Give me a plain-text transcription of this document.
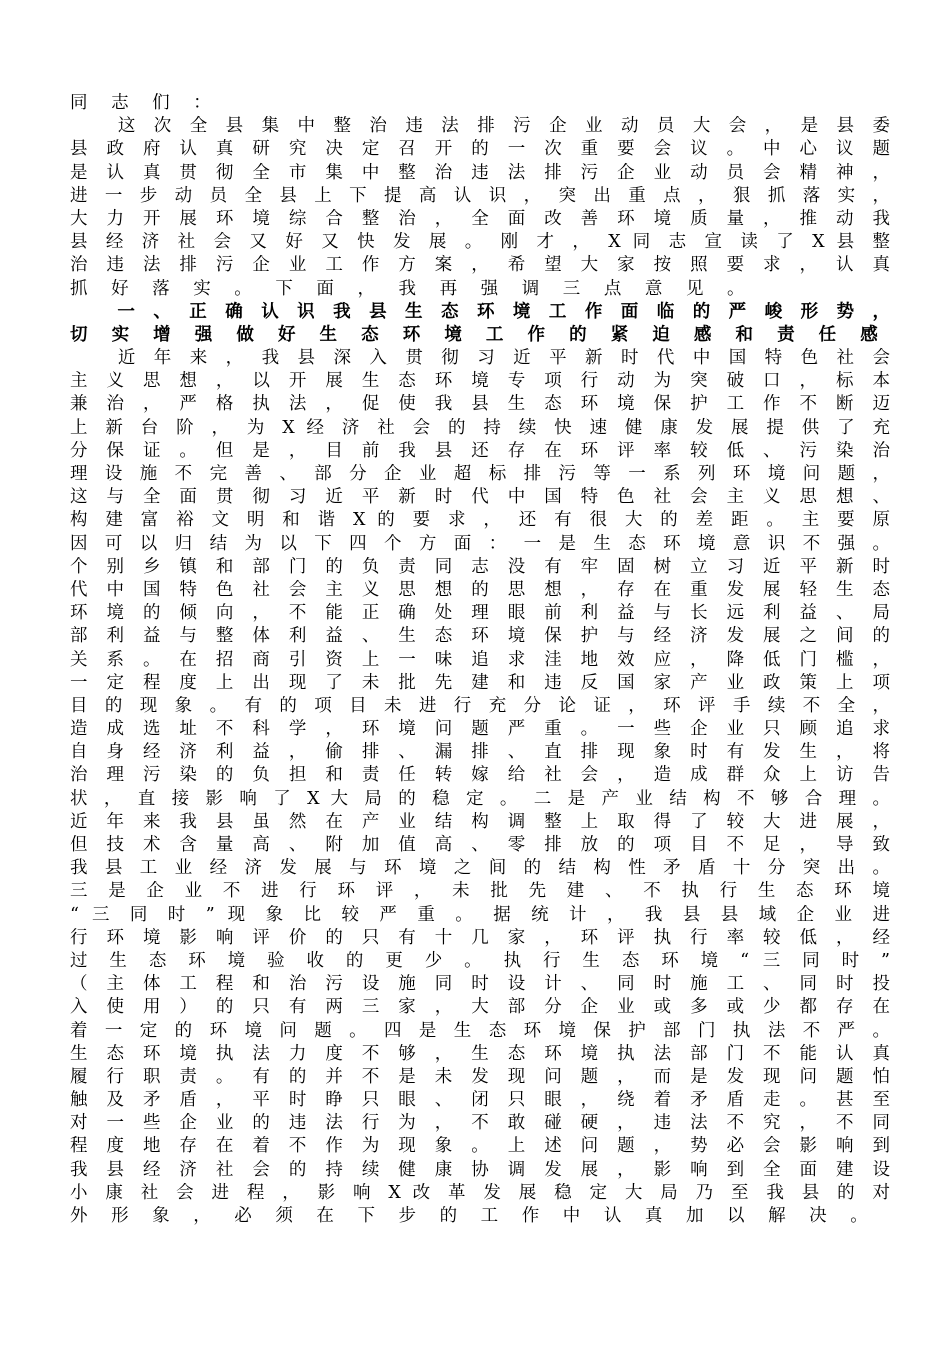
同 志 们 ：
　　这 次 全 县 集 中 整 治 违 法 排 污 企 业 动 员 大 会 ， 是 县 委
县 政 府 认 真 研 究 决 定 召 开 的 一 次 重 要 会 议 。 中 心 议 题
是 认 真 贯 彻 全 市 集 中 整 治 违 法 排 污 企 业 动 员 会 精 神 ，
进 一 步 动 员 全 县 上 下 提 高 认 识 ， 突 出 重 点 ， 狠 抓 落 实 ，
大 力 开 展 环 境 综 合 整 治 ， 全 面 改 善 环 境 质 量 ， 推 动 我
县 经 济 社 会 又 好 又 快 发 展 。 刚 才 ， X 同 志 宣 读 了 X 县 整
治 违 法 排 污 企 业 工 作 方 案 ， 希 望 大 家 按 照 要 求 ， 认 真
抓 好 落 实 。 下 面 ， 我 再 强 调 三 点 意 见 。
　　一 、 正 确 认 识 我 县 生 态 环 境 工 作 面 临 的 严 峻 形 势 ，
切 实 增 强 做 好 生 态 环 境 工 作 的 紧 迫 感 和 责 任 感
　　近 年 来 ， 我 县 深 入 贯 彻 习 近 平 新 时 代 中 国 特 色 社 会
主 义 思 想 ， 以 开 展 生 态 环 境 专 项 行 动 为 突 破 口 ， 标 本
兼 治 ， 严 格 执 法 ， 促 使 我 县 生 态 环 境 保 护 工 作 不 断 迈
上 新 台 阶 ， 为 X 经 济 社 会 的 持 续 快 速 健 康 发 展 提 供 了 充
分 保 证 。 但 是 ， 目 前 我 县 还 存 在 环 评 率 较 低 、 污 染 治
理 设 施 不 完 善 、 部 分 企 业 超 标 排 污 等 一 系 列 环 境 问 题 ，
这 与 全 面 贯 彻 习 近 平 新 时 代 中 国 特 色 社 会 主 义 思 想 、
构 建 富 裕 文 明 和 谐 X 的 要 求 ， 还 有 很 大 的 差 距 。 主 要 原
因 可 以 归 结 为 以 下 四 个 方 面 ： 一 是 生 态 环 境 意 识 不 强 。
个 别 乡 镇 和 部 门 的 负 责 同 志 没 有 牢 固 树 立 习 近 平 新 时
代 中 国 特 色 社 会 主 义 思 想 的 思 想 ， 存 在 重 发 展 轻 生 态
环 境 的 倾 向 ， 不 能 正 确 处 理 眼 前 利 益 与 长 远 利 益 、 局
部 利 益 与 整 体 利 益 、 生 态 环 境 保 护 与 经 济 发 展 之 间 的
关 系 。 在 招 商 引 资 上 一 味 追 求 洼 地 效 应 ， 降 低 门 槛 ，
一 定 程 度 上 出 现 了 未 批 先 建 和 违 反 国 家 产 业 政 策 上 项
目 的 现 象 。 有 的 项 目 未 进 行 充 分 论 证 ， 环 评 手 续 不 全 ，
造 成 选 址 不 科 学 ， 环 境 问 题 严 重 。 一 些 企 业 只 顾 追 求
自 身 经 济 利 益 ， 偷 排 、 漏 排 、 直 排 现 象 时 有 发 生 ， 将
治 理 污 染 的 负 担 和 责 任 转 嫁 给 社 会 ， 造 成 群 众 上 访 告
状 ， 直 接 影 响 了 X 大 局 的 稳 定 。 二 是 产 业 结 构 不 够 合 理 。
近 年 来 我 县 虽 然 在 产 业 结 构 调 整 上 取 得 了 较 大 进 展 ，
但 技 术 含 量 高 、 附 加 值 高 、 零 排 放 的 项 目 不 足 ， 导 致
我 县 工 业 经 济 发 展 与 环 境 之 间 的 结 构 性 矛 盾 十 分 突 出 。
三 是 企 业 不 进 行 环 评 ， 未 批 先 建 、 不 执 行 生 态 环 境
“ 三 同 时 ” 现 象 比 较 严 重 。 据 统 计 ， 我 县 县 域 企 业 进
行 环 境 影 响 评 价 的 只 有 十 几 家 ， 环 评 执 行 率 较 低 ， 经
过 生 态 环 境 验 收 的 更 少 。 执 行 生 态 环 境 “ 三 同 时 ”
（ 主 体 工 程 和 治 污 设 施 同 时 设 计 、 同 时 施 工 、 同 时 投
入 使 用 ） 的 只 有 两 三 家 ， 大 部 分 企 业 或 多 或 少 都 存 在
着 一 定 的 环 境 问 题 。 四 是 生 态 环 境 保 护 部 门 执 法 不 严 。
生 态 环 境 执 法 力 度 不 够 ， 生 态 环 境 执 法 部 门 不 能 认 真
履 行 职 责 。 有 的 并 不 是 未 发 现 问 题 ， 而 是 发 现 问 题 怕
触 及 矛 盾 ， 平 时 睁 只 眼 、 闭 只 眼 ， 绕 着 矛 盾 走 。 甚 至
对 一 些 企 业 的 违 法 行 为 ， 不 敢 碰 硬 ， 违 法 不 究 ， 不 同
程 度 地 存 在 着 不 作 为 现 象 。 上 述 问 题 ， 势 必 会 影 响 到
我 县 经 济 社 会 的 持 续 健 康 协 调 发 展 ， 影 响 到 全 面 建 设
小 康 社 会 进 程 ， 影 响 X 改 革 发 展 稳 定 大 局 乃 至 我 县 的 对
外 形 象 ， 必 须 在 下 步 的 工 作 中 认 真 加 以 解 决 。
